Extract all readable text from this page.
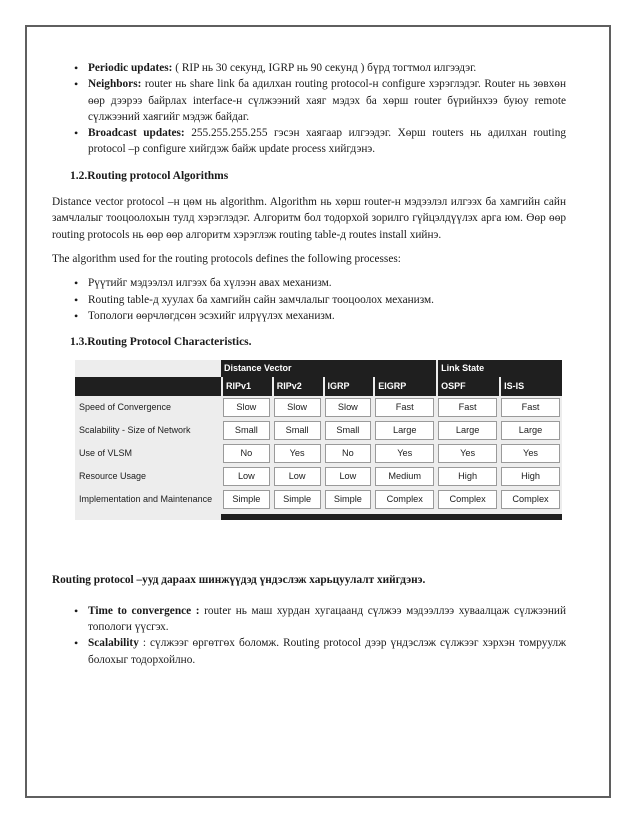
• Periodic updates: ( RIP нь 30 секунд, IGRP нь 90 секунд ) бүрд тогтмол илгээдэг.
• Neighbors: router нь share link ба адилхан routing protocol-н configure хэрэглэдэг. Router нь зөвхөн өөр дээрээ байрлах interface-н сүлжээний хаяг мэдэх ба хөрш router бүрийнхээ буюу remote сүлжээний хаягийг мэдэж байдаг.
• Broadcast updates: 255.255.255.255 гэсэн хаягаар илгээдэг. Хөрш routers нь адилхан routing protocol –р configure хийгдэж байж update process хийгдэнэ.
1.2.Routing protocol Algorithms

Distance vector protocol –н цөм нь algorithm. Algorithm нь хөрш router-н мэдээлэл илгээх ба хамгийн сайн замчлалыг тооцоолохын тулд хэрэглэдэг. Алгоритм бол тодорхой зорилго гүйцэлдүүлэх арга юм. Өөр өөр routing protocols нь өөр өөр алгоритм хэрэглэж routing table-д routes install хийнэ.

The algorithm used for the routing protocols defines the following processes:

• Рүүтийг мэдээлэл илгээх ба хүлээн авах механизм.
• Routing table-д хуулах ба хамгийн сайн замчлалыг тооцоолох механизм.
• Топологи өөрчлөгдсөн эсэхийг илрүүлэх механизм.
1.3.Routing Protocol Characteristics.
	Distance Vector				Link State	
	RIPv1	RIPv2	IGRP	EIGRP	OSPF	IS-IS
Speed of Convergence	Slow	Slow	Slow	Fast	Fast	Fast

Scalability - Size of Network	Small	Small	Small	Large	Large	Large

Use of VLSM	No	Yes	No	Yes	Yes	Yes

Resource Usage	Low	Low	Low	Medium	High	High

Implementation and Maintenance	Simple	Simple	Simple	Complex	Complex	Complex

Routing protocol –ууд дараах шинжүүдэд үндэслэж харьцуулалт хийгдэнэ.

• Time to convergence : router нь маш хурдан хугацаанд сүлжээ мэдээллээ хуваалцаж сүлжээний топологи үүсгэх.
• Scalability : сүлжээг өргөтгөх боломж. Routing protocol дээр үндэслэж сүлжээг хэрхэн томруулж болохыг тодорхойлно.
